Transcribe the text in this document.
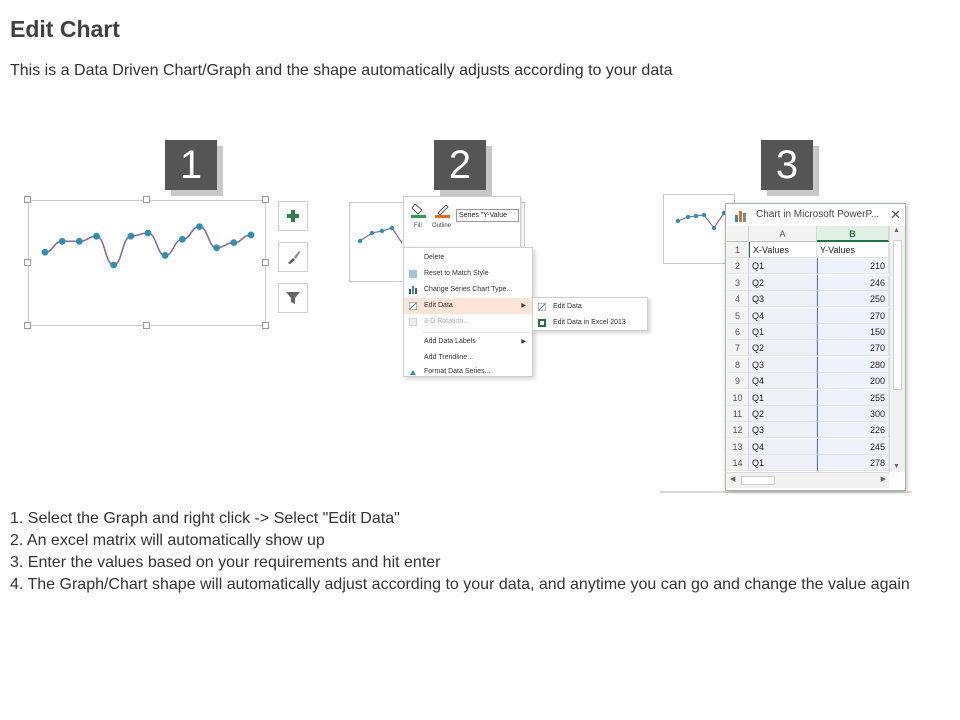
Edit Chart
This is a Data Driven Chart/Graph and the shape automatically adjusts according to your data
1	2	3
Fill Outline
Series "Y-Value
Delete
Reset to Match Style
Change Series Chart Type...
Edit Data	▶
3-D Rotation...
Add Data Labels	▶
Add Trendline...
Format Data Series...
Edit Data
Edit Data in Excel 2013
Chart in Microsoft PowerP... ✕
A	B
1	X-Values	Y-Values
2	Q1	210
3	Q2	246
4	Q3	250
5	Q4	270
6	Q1	150
7	Q2	270
8	Q3	280
9	Q4	200
10	Q1	255
11	Q2	300
12	Q3	226
13	Q4	245
14	Q1	278
▲
▼
◀	▶
1. Select the Graph and right click -> Select "Edit Data"
2. An excel matrix will automatically show up
3. Enter the values based on your requirements and hit enter
4. The Graph/Chart shape will automatically adjust according to your data, and anytime you can go and change the value again
